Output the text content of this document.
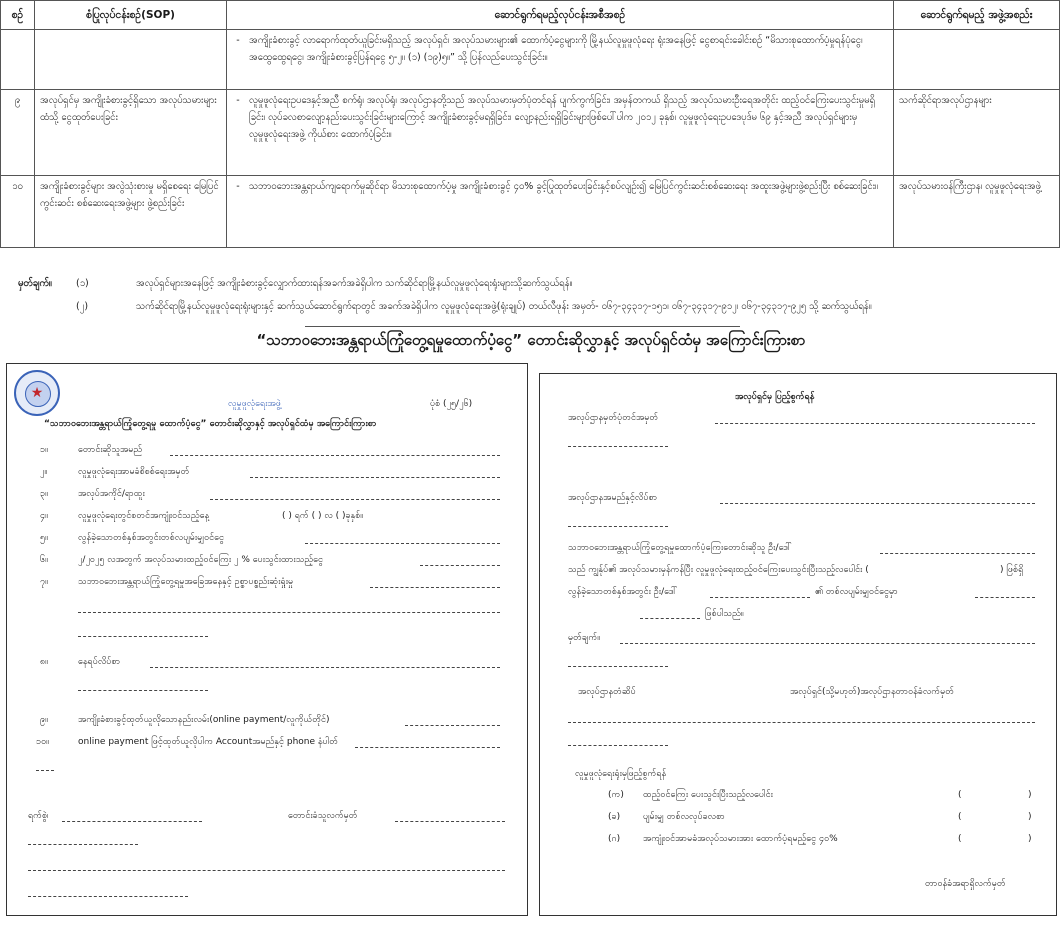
စဉ်	စံပြုလုပ်ငန်းစဉ်(SOP)	ဆောင်ရွက်ရမည့်လုပ်ငန်းအစီအစဉ်		ဆောင်ရွက်ရမည့် အဖွဲ့အစည်း
		-	အကျိုးခံစားခွင့် လာရောက်ထုတ်ယူခြင်းမရှိသည့် အလုပ်ရှင်၊ အလုပ်သမားများ၏ ထောက်ပံ့ငွေများကို မြို့နယ်လူမှုဖူလုံရေး ရုံးအနေဖြင့် ငွေစာရင်းခေါင်းစဉ် “မိသားစုထောက်ပံ့မှုရန်ပုံငွေ၊ အထွေထွေရငွေ၊ အကျိုးခံစားခွင့်ပြန်ရငွေ ၅-၂။ (၁) (၁၉)၅။” သို့ ပြန်လည်ပေးသွင်းခြင်း။	
၉	အလုပ်ရှင်မှ အကျိုးခံစားခွင့်ရှိသော အလုပ်သမားများထံသို့ ငွေထုတ်ပေးခြင်း	-	လူမှုဖူလုံရေးဥပဒေနှင့်အညီ စက်ရုံ၊ အလုပ်ရုံ၊ အလုပ်ဌာနတို့သည် အလုပ်သမားမှတ်ပုံတင်ရန် ပျက်ကွက်ခြင်း၊ အမှန်တကယ် ရှိသည့် အလုပ်သမားဦးရေအတိုင်း ထည့်ဝင်ကြေးပေးသွင်းမှုမရှိခြင်း၊ လုပ်ခလစာလျော့နည်းပေးသွင်းခြင်းများကြောင့် အကျိုးခံစားခွင့်မရရှိခြင်း၊ လျော့နည်းရရှိခြင်းများဖြစ်ပေါ်ပါက ၂၀၁၂ ခုနှစ်၊ လူမှုဖူလုံရေးဥပဒေပုဒ်မ ၆၉ နှင့်အညီ အလုပ်ရှင်များမှ လူမှုဖူလုံရေးအဖွဲ့ ကိုယ်စား ထောက်ပံ့ခြင်း။	သက်ဆိုင်ရာအလုပ်ဌာနများ
၁၀	အကျိုးခံစားခွင့်များ အလွဲသုံးစားမှု မရှိစေရေး မြေပြင်ကွင်းဆင်း စစ်ဆေးရေးအဖွဲ့များ ဖွဲ့စည်းခြင်း	-	သဘာဝဘေးအန္တရာယ်ကျရောက်မှုဆိုင်ရာ မိသားစုထောက်ပံ့မှု အကျိုးခံစားခွင့် ၄၀% ခွင့်ပြုထုတ်ပေးခြင်းနှင့်စပ်လျဉ်း၍ မြေပြင်ကွင်းဆင်းစစ်ဆေးရေး အထူးအဖွဲ့များဖွဲ့စည်းပြီး စစ်ဆေးခြင်း။	အလုပ်သမားဝန်ကြီးဌာန၊ လူမှုဖူလုံရေးအဖွဲ့
မှတ်ချက်။	(၁)	အလုပ်ရှင်များအနေဖြင့် အကျိုးခံစားခွင့်လျှောက်ထားရန်အခက်အခဲရှိပါက သက်ဆိုင်ရာမြို့နယ်လူမှုဖူလုံရေးရုံးများသို့ဆက်သွယ်ရန်။
(၂)	သက်ဆိုင်ရာမြို့နယ်လူမှုဖူလုံရေးရုံးများနှင့် ဆက်သွယ်ဆောင်ရွက်ရာတွင် အခက်အခဲရှိပါက လူမှုဖူလုံရေးအဖွဲ့(ရုံးချုပ်) တယ်လီဖုန်း အမှတ်- ၀၆၇-၃၄၃၁၇-၁၅၁၊ ၀၆၇-၃၄၃၁၇-၉၁၂၊ ၀၆၇-၃၄၃၁၇-၉၂၅ သို့ ဆက်သွယ်ရန်။
“သဘာဝဘေးအန္တရာယ်ကြုံတွေ့ရမှုထောက်ပံ့ငွေ” တောင်းဆိုလွှာနှင့် အလုပ်ရှင်ထံမှ အကြောင်းကြားစာ
★
လူမှုဖူလုံရေးအဖွဲ့	ပုံစံ (၂၅/၂၆)
“သဘာဝဘေးအန္တရာယ်ကြုံတွေ့ရမှု ထောက်ပံ့ငွေ” တောင်းဆိုလွှာနှင့် အလုပ်ရှင်ထံမှ အကြောင်းကြားစာ
၁။	တောင်းဆိုသူအမည်
၂။	လူမှုဖူလုံရေးအာမခံစိစစ်ရေးအမှတ်
၃။	အလုပ်အကိုင်/ရာထူး
၄။	လူမှုဖူလုံရေးတွင်စတင်အကျုံးဝင်သည့်နေ့	( ) ရက် ( ) လ ( )ခုနှစ်။
၅။	လွန်ခဲ့သောတစ်နှစ်အတွင်းတစ်လပျမ်းမျှဝင်ငွေ
၆။	၂/၂၀၂၅ လအတွက် အလုပ်သမားထည့်ဝင်ကြေး ၂ % ပေးသွင်းထားသည့်ငွေ
၇။	သဘာဝဘေးအန္တရာယ်ကြုံတွေ့ရမှုအခြေအနေနှင့် ဥစ္စာပစ္စည်းဆုံးရှုံးမှု
၈။	နေရပ်လိပ်စာ
၉။	အကျိုးခံစားခွင့်ထုတ်ယူလိုသောနည်းလမ်း(online payment/လူကိုယ်တိုင်)
၁၀။	online payment ဖြင့်ထုတ်ယူလိုပါက Accountအမည်နှင့် phone နံပါတ်
ရက်စွဲ၊	တောင်းခံသူလက်မှတ်
အလုပ်ရှင်မှ ပြည့်စွက်ရန်
အလုပ်ဌာနမှတ်ပုံတင်အမှတ်
အလုပ်ဌာနအမည်နှင့်လိပ်စာ
သဘာဝဘေးအန္တရာယ်ကြုံတွေ့ရမှုထောက်ပံ့ကြေးတောင်းဆိုသူ ဦး/ဒေါ်
သည် ကျွန်ုပ်၏ အလုပ်သမားမှန်ကန်ပြီး လူမှုဖူလုံရေးထည့်ဝင်ကြေးပေးသွင်းပြီးသည့်လပေါင်း (	) ဖြစ်ရှိ
လွန်ခဲ့သောတစ်နှစ်အတွင်း ဦး/ဒေါ်	၏ တစ်လပျမ်းမျှဝင်ငွေမှာ
ဖြစ်ပါသည်။
မှတ်ချက်။
အလုပ်ဌာနတံဆိပ်	အလုပ်ရှင်(သို့မဟုတ်)အလုပ်ဌာနတာဝန်ခံလက်မှတ်
လူမှုဖူလုံရေးရုံးမှဖြည့်စွက်ရန်
(က) ထည့်ဝင်ကြေး ပေးသွင်းပြီးသည့်လပေါင်း	(	)
(ခ)	ပျမ်းမျှ တစ်လလုပ်ခလစာ	(	)
(ဂ)	အကျုံးဝင်အာမခံအလုပ်သမားအား ထောက်ပံ့ရမည့်ငွေ ၄၀%	(	)
တာဝန်ခံအရာရှိလက်မှတ်
